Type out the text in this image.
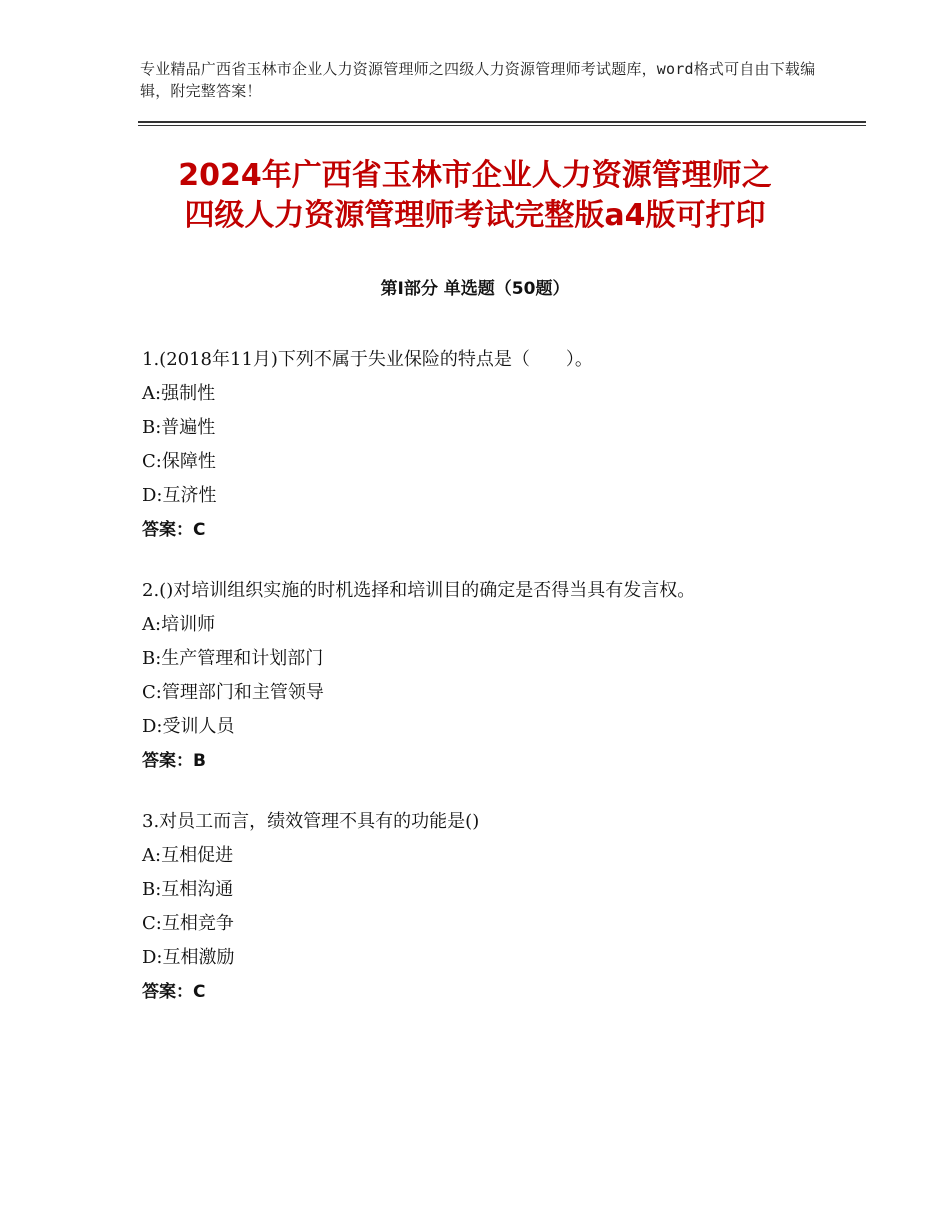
专业精品广西省玉林市企业人力资源管理师之四级人力资源管理师考试题库，word格式可自由下载编辑，附完整答案！
2024年广西省玉林市企业人力资源管理师之
四级人力资源管理师考试完整版a4版可打印
第Ⅰ部分 单选题（50题）

1.(2018年11月)下列不属于失业保险的特点是（　　）。

A:强制性

B:普遍性

C:保障性

D:互济性

答案：C

2.()对培训组织实施的时机选择和培训目的确定是否得当具有发言权。

A:培训师

B:生产管理和计划部门

C:管理部门和主管领导

D:受训人员

答案：B

3.对员工而言，绩效管理不具有的功能是()

A:互相促进

B:互相沟通

C:互相竞争

D:互相激励

答案：C
